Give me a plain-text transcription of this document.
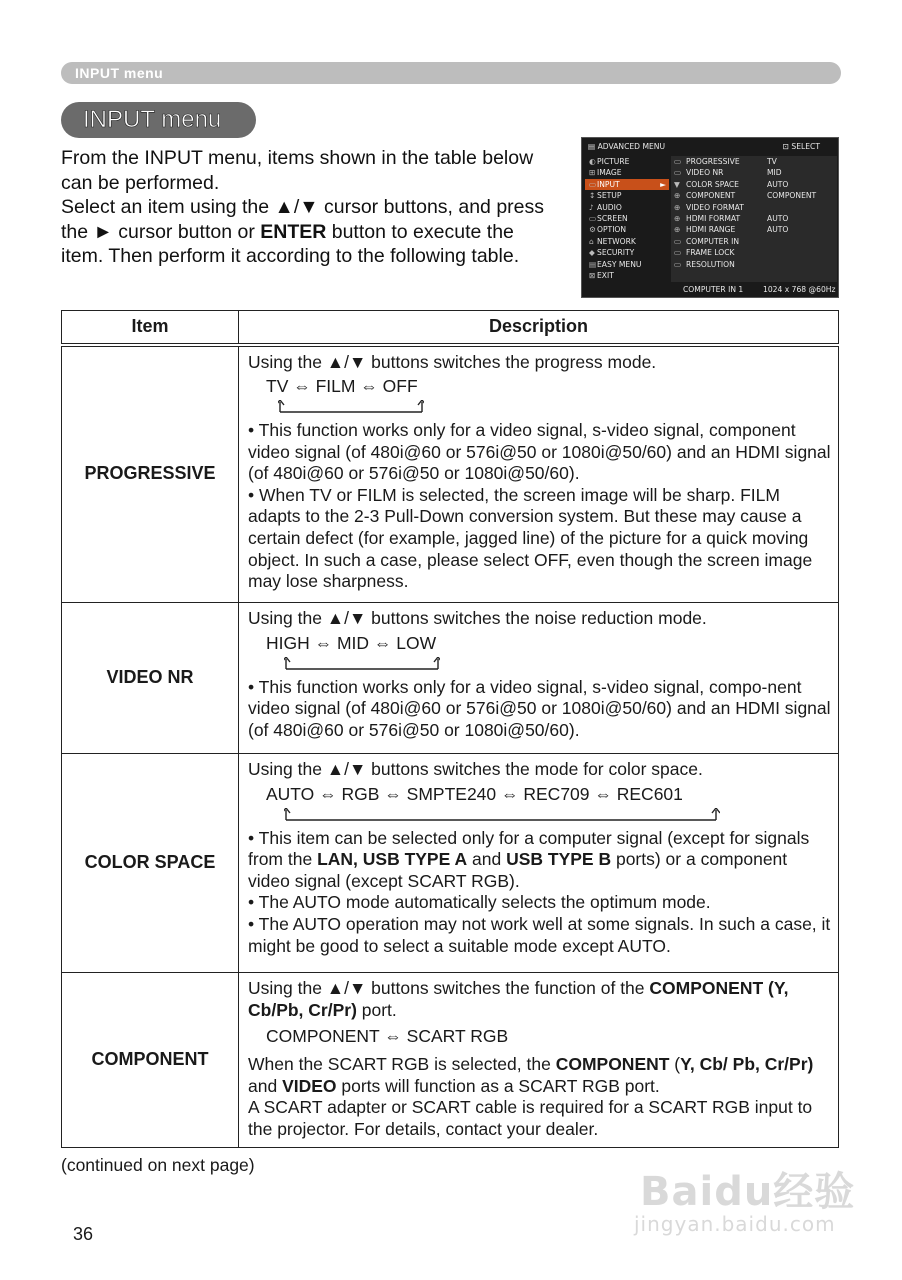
INPUT menu
INPUT menu

From the INPUT menu, items shown in the table below can be performed.

Select an item using the ▲/▼ cursor buttons, and press the ► cursor button or ENTER button to execute the item. Then perform it according to the following table.

▤ ADVANCED MENU	⊡ SELECT
◐PICTURE
⊞ IMAGE
▭INPUT	►
↕ SETUP
♪ AUDIO
▭SCREEN
⚙OPTION
⌂ NETWORK
◆ SECURITY
▤EASY MENU
⊠ EXIT
▭ PROGRESSIVE	TV
▭ VIDEO NR	MID
▼ COLOR SPACE	AUTO
⊕ COMPONENT	COMPONENT
⊕ VIDEO FORMAT
⊕ HDMI FORMAT	AUTO
⊕ HDMI RANGE	AUTO
▭ COMPUTER IN
▭ FRAME LOCK
▭ RESOLUTION
COMPUTER IN 1	1024 x 768 @60Hz
Item	Description
PROGRESSIVE	Using the ▲/▼ buttons switches the progress mode.

TV ⇔ FILM ⇔ OFF

• This function works only for a video signal, s-video signal, component video signal (of 480i@60 or 576i@50 or 1080i@50/60) and an HDMI signal (of 480i@60 or 576i@50 or 1080i@50/60).

• When TV or FILM is selected, the screen image will be sharp. FILM adapts to the 2-3 Pull-Down conversion system. But these may cause a certain defect (for example, jagged line) of the picture for a quick moving object. In such a case, please select OFF, even though the screen image may lose sharpness.

VIDEO NR	Using the ▲/▼ buttons switches the noise reduction mode.

HIGH ⇔ MID ⇔ LOW

• This function works only for a video signal, s-video signal, compo-nent video signal (of 480i@60 or 576i@50 or 1080i@50/60) and an HDMI signal (of 480i@60 or 576i@50 or 1080i@50/60).

COLOR SPACE	Using the ▲/▼ buttons switches the mode for color space.

AUTO ⇔ RGB ⇔ SMPTE240 ⇔ REC709 ⇔ REC601

• This item can be selected only for a computer signal (except for signals from the LAN, USB TYPE A and USB TYPE B ports) or a component video signal (except SCART RGB).

• The AUTO mode automatically selects the optimum mode.

• The AUTO operation may not work well at some signals. In such a case, it might be good to select a suitable mode except AUTO.

COMPONENT	Using the ▲/▼ buttons switches the function of the COMPONENT (Y, Cb/Pb, Cr/Pr) port.

COMPONENT ⇔ SCART RGB

When the SCART RGB is selected, the COMPONENT (Y, Cb/ Pb, Cr/Pr) and VIDEO ports will function as a SCART RGB port.

A SCART adapter or SCART cable is required for a SCART RGB input to the projector. For details, contact your dealer.

(continued on next page)
36
Baidu经验
jingyan.baidu.com
